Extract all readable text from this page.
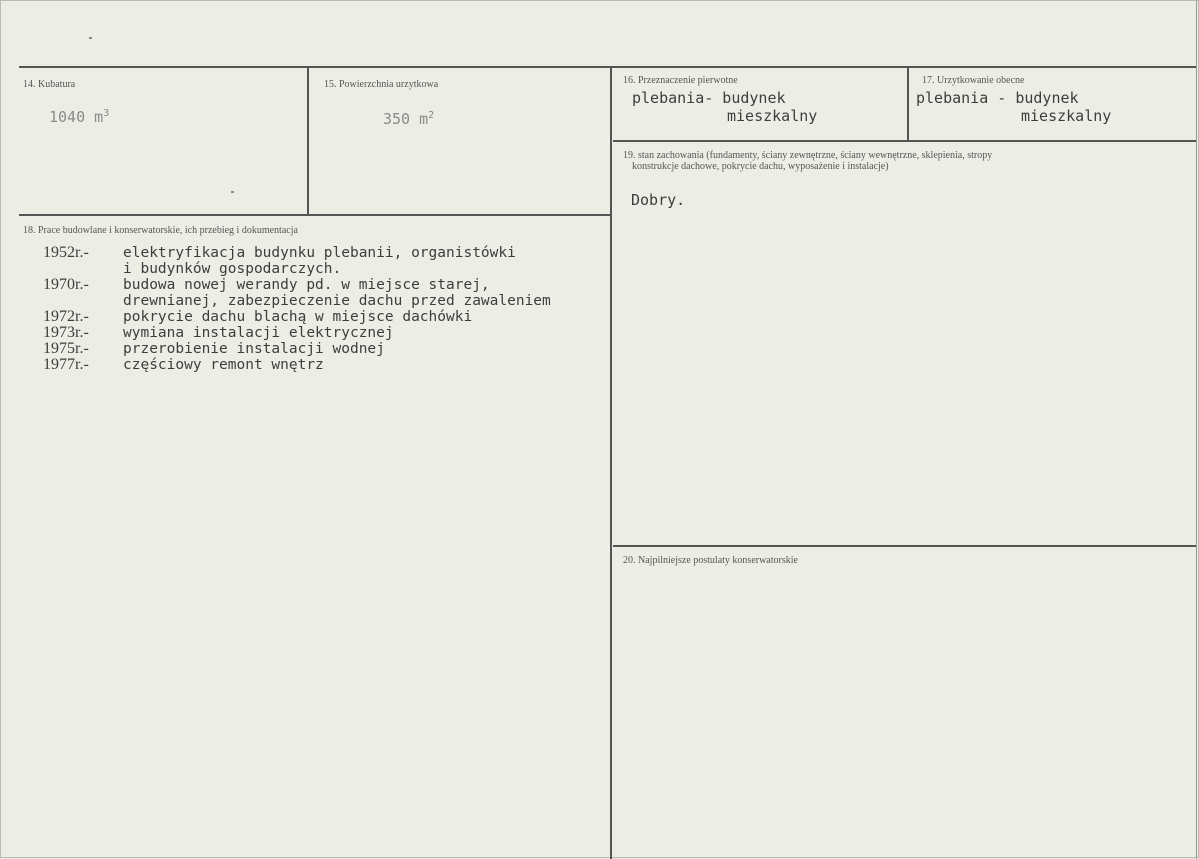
14. Kubatura
1040 $m^3$
15. Powierzchnia urzytkowa
350 $m^2$
16. Przeznaczenie pierwotne
plebania- budynek
mieszkalny
17. Urzytkowanie obecne
plebania - budynek
mieszkalny
19. stan zachowania (fundamenty, ściany zewnętrzne, ściany wewnętrzne, sklepienia, stropy
konstrukcje dachowe, pokrycie dachu, wyposażenie i instalacje)
Dobry.
18. Prace budowlane i konserwatorskie, ich przebieg i dokumentacja
1952r.-	elektryfikacja budynku plebanii, organistówki
i budynków gospodarczych.
1970r.-	budowa nowej werandy pd. w miejsce starej,
drewnianej, zabezpieczenie dachu przed zawaleniem
1972r.-	pokrycie dachu blachą w miejsce dachówki
1973r.-	wymiana instalacji elektrycznej
1975r.-	przerobienie instalacji wodnej
1977r.-	częściowy remont wnętrz
20. Najpilniejsze postulaty konserwatorskie
